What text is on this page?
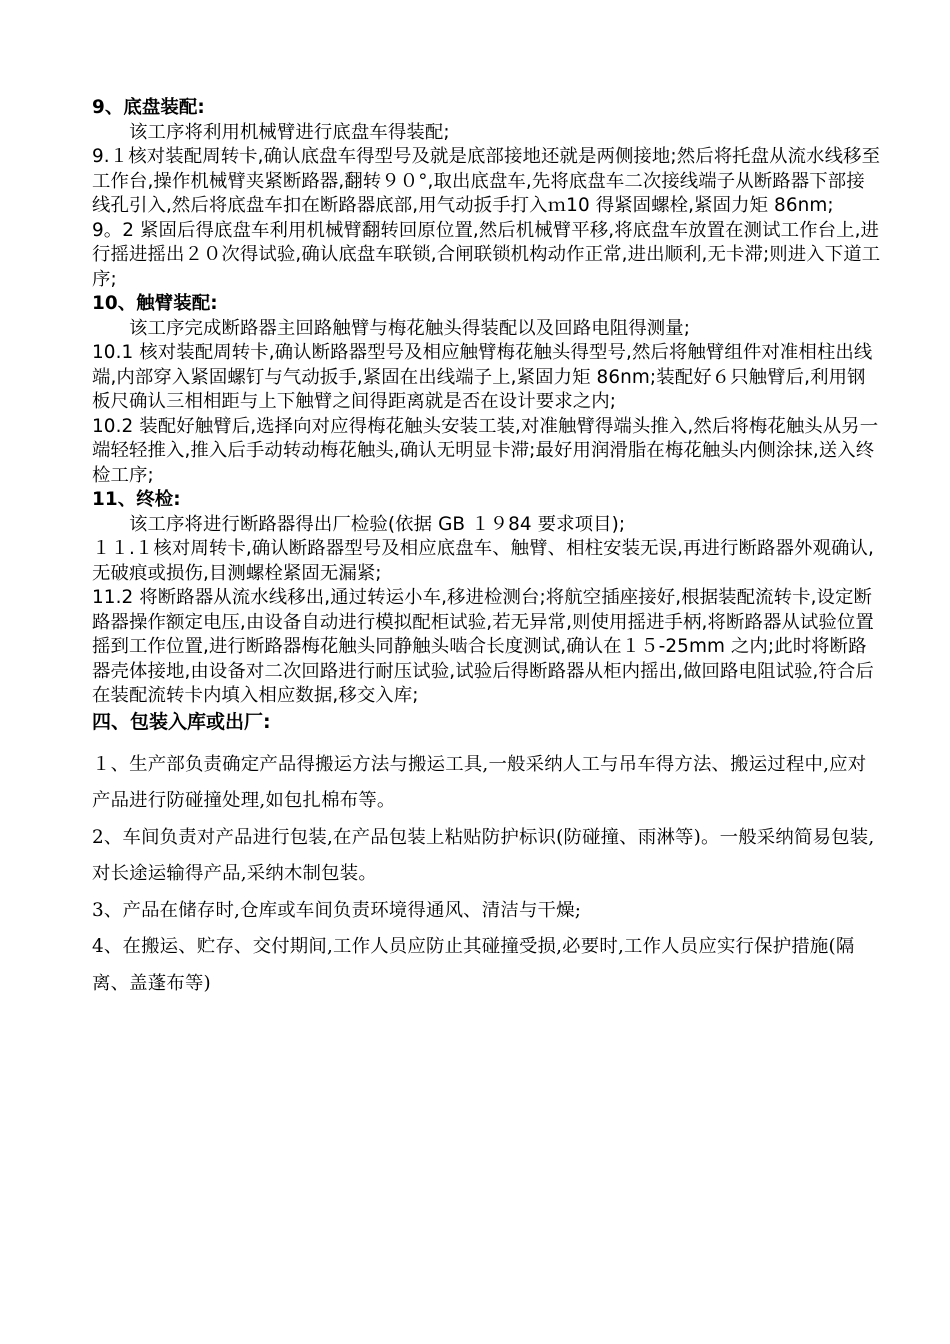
9、底盘装配:

该工序将利用机械臂进行底盘车得装配;

9.１核对装配周转卡,确认底盘车得型号及就是底部接地还就是两侧接地;然后将托盘从流水线移至工作台,操作机械臂夹紧断路器,翻转９０°,取出底盘车,先将底盘车二次接线端子从断路器下部接线孔引入,然后将底盘车扣在断路器底部,用气动扳手打入ｍ10 得紧固螺栓,紧固力矩 86nm;

9。2 紧固后得底盘车利用机械臂翻转回原位置,然后机械臂平移,将底盘车放置在测试工作台上,进行摇进摇出２０次得试验,确认底盘车联锁,合闸联锁机构动作正常,进出顺利,无卡滞;则进入下道工序;

10、触臂装配:

该工序完成断路器主回路触臂与梅花触头得装配以及回路电阻得测量;

10.1 核对装配周转卡,确认断路器型号及相应触臂梅花触头得型号,然后将触臂组件对准相柱出线端,内部穿入紧固螺钉与气动扳手,紧固在出线端子上,紧固力矩 86nm;装配好６只触臂后,利用钢板尺确认三相相距与上下触臂之间得距离就是否在设计要求之内;

10.2 装配好触臂后,选择向对应得梅花触头安装工装,对准触臂得端头推入,然后将梅花触头从另一端轻轻推入,推入后手动转动梅花触头,确认无明显卡滞;最好用润滑脂在梅花触头内侧涂抹,送入终检工序;

11、终检:

该工序将进行断路器得出厂检验(依据 GB １９84 要求项目);

１１.１核对周转卡,确认断路器型号及相应底盘车、触臂、相柱安装无误,再进行断路器外观确认,无破痕或损伤,目测螺栓紧固无漏紧;

11.2 将断路器从流水线移出,通过转运小车,移进检测台;将航空插座接好,根据装配流转卡,设定断路器操作额定电压,由设备自动进行模拟配柜试验,若无异常,则使用摇进手柄,将断路器从试验位置摇到工作位置,进行断路器梅花触头同静触头啮合长度测试,确认在１５-25mm 之内;此时将断路器壳体接地,由设备对二次回路进行耐压试验,试验后得断路器从柜内摇出,做回路电阻试验,符合后在装配流转卡内填入相应数据,移交入库;

四、包装入库或出厂:

１、生产部负责确定产品得搬运方法与搬运工具,一般采纳人工与吊车得方法、搬运过程中,应对产品进行防碰撞处理,如包扎棉布等。

2、车间负责对产品进行包装,在产品包装上粘贴防护标识(防碰撞、雨淋等)。一般采纳简易包装,对长途运输得产品,采纳木制包装。

3、产品在储存时,仓库或车间负责环境得通风、清洁与干燥;

4、在搬运、贮存、交付期间,工作人员应防止其碰撞受损,必要时,工作人员应实行保护措施(隔离、盖蓬布等)
